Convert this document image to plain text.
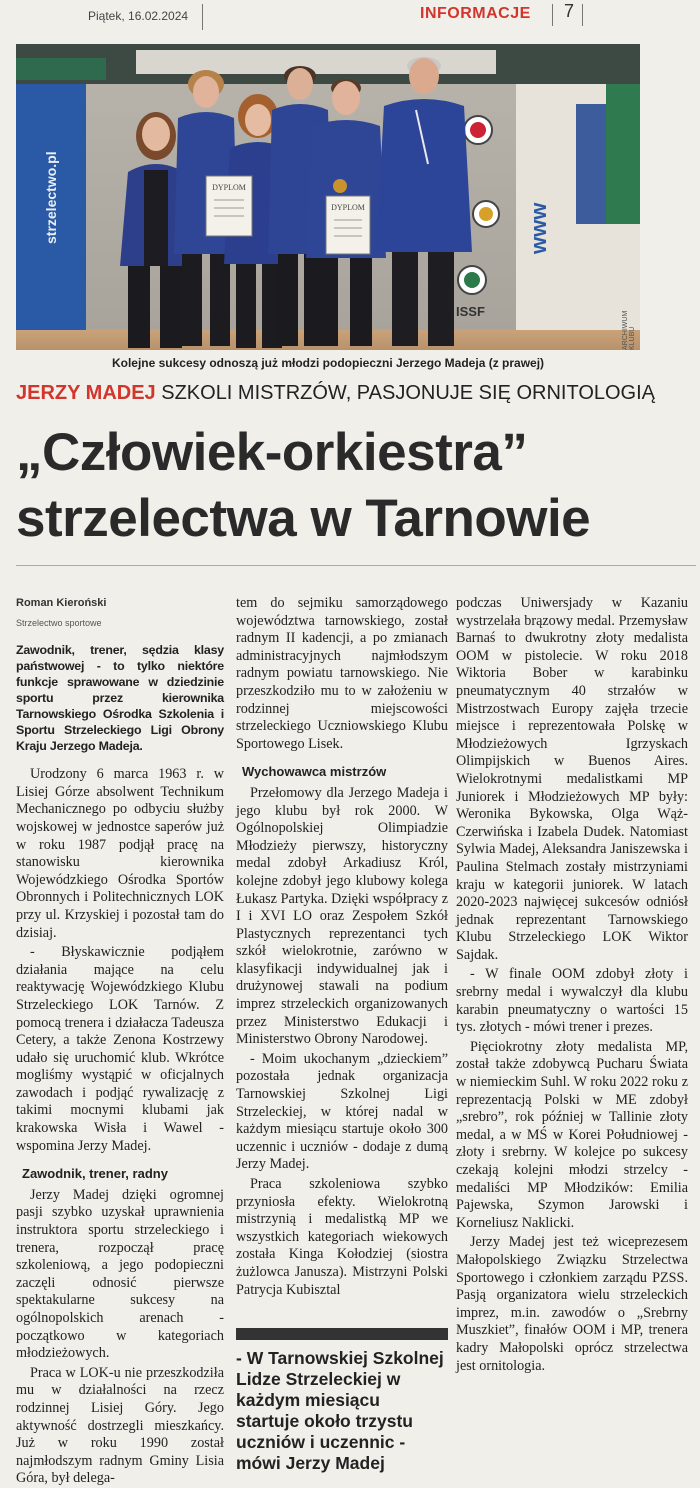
Piątek, 16.02.2024	INFORMACJE 7
strzelectwo.pl	www
ISSF
DYPLOM
DYPLOM
ARCHIWUM KLUBU
Kolejne sukcesy odnoszą już młodzi podopieczni Jerzego Madeja (z prawej)
JERZY MADEJ SZKOLI MISTRZÓW, PASJONUJE SIĘ ORNITOLOGIĄ
„Człowiek-orkiestra”
strzelectwa w Tarnowie

Roman Kieroński

Strzelectwo sportowe

Zawodnik, trener, sędzia klasy państwowej - to tylko niektóre funkcje sprawowane w dziedzinie sportu przez kierownika Tarnowskiego Ośrodka Szkolenia i Sportu Strzeleckiego Ligi Obrony Kraju Jerzego Madeja.

Urodzony 6 marca 1963 r. w Lisiej Górze absolwent Technikum Mechanicznego po odbyciu służby wojskowej w jednostce saperów już w roku 1987 podjął pracę na stanowisku kierownika Wojewódzkiego Ośrodka Sportów Obronnych i Politechnicznych LOK przy ul. Krzyskiej i pozostał tam do dzisiaj.

- Błyskawicznie podjąłem działania mające na celu reaktywację Wojewódzkiego Klubu Strzeleckiego LOK Tarnów. Z pomocą trenera i działacza Tadeusza Cetery, a także Zenona Kostrzewy udało się uruchomić klub. Wkrótce mogliśmy wystąpić w oficjalnych zawodach i podjąć rywalizację z takimi mocnymi klubami jak krakowska Wisła i Wawel - wspomina Jerzy Madej.

Zawodnik, trener, radny

Jerzy Madej dzięki ogromnej pasji szybko uzyskał uprawnienia instruktora sportu strzeleckiego i trenera, rozpoczął pracę szkoleniową, a jego podopieczni zaczęli odnosić pierwsze spektakularne sukcesy na ogólnopolskich arenach - początkowo w kategoriach młodzieżowych.

Praca w LOK-u nie przeszkodziła mu w działalności na rzecz rodzinnej Lisiej Góry. Jego aktywność dostrzegli mieszkańcy. Już w roku 1990 został najmłodszym radnym Gminy Lisia Góra, był delega-

tem do sejmiku samorządowego województwa tarnowskiego, został radnym II kadencji, a po zmianach administracyjnych najmłodszym radnym powiatu tarnowskiego. Nie przeszkodziło mu to w założeniu w rodzinnej miejscowości strzeleckiego Uczniowskiego Klubu Sportowego Lisek.

Wychowawca mistrzów

Przełomowy dla Jerzego Madeja i jego klubu był rok 2000. W Ogólnopolskiej Olimpiadzie Młodzieży pierwszy, historyczny medal zdobył Arkadiusz Król, kolejne zdobył jego klubowy kolega Łukasz Partyka. Dzięki współpracy z I i XVI LO oraz Zespołem Szkół Plastycznych reprezentanci tych szkół wielokrotnie, zarówno w klasyfikacji indywidualnej jak i drużynowej stawali na podium imprez strzeleckich organizowanych przez Ministerstwo Edukacji i Ministerstwo Obrony Narodowej.

- Moim ukochanym „dzieckiem” pozostała jednak organizacja Tarnowskiej Szkolnej Ligi Strzeleckiej, w której nadal w każdym miesiącu startuje około 300 uczennic i uczniów - dodaje z dumą Jerzy Madej.

Praca szkoleniowa szybko przyniosła efekty. Wielokrotną mistrzynią i medalistką MP we wszystkich kategoriach wiekowych została Kinga Kołodziej (siostra żużlowca Janusza). Mistrzyni Polski Patrycja Kubisztal

- W Tarnowskiej Szkolnej Lidze Strzeleckiej w każdym miesiącu startuje około trzystu uczniów i uczennic - mówi Jerzy Madej

podczas Uniwersjady w Kazaniu wystrzelała brązowy medal. Przemysław Barnaś to dwukrotny złoty medalista OOM w pistolecie. W roku 2018 Wiktoria Bober w karabinku pneumatycznym 40 strzałów w Mistrzostwach Europy zajęła trzecie miejsce i reprezentowała Polskę w Młodzieżowych Igrzyskach Olimpijskich w Buenos Aires. Wielokrotnymi medalistkami MP Juniorek i Młodzieżowych MP były: Weronika Bykowska, Olga Wąż-Czerwińska i Izabela Dudek. Natomiast Sylwia Madej, Aleksandra Janiszewska i Paulina Stelmach zostały mistrzyniami kraju w kategorii juniorek. W latach 2020-2023 najwięcej sukcesów odniósł jednak reprezentant Tarnowskiego Klubu Strzeleckiego LOK Wiktor Sajdak.

- W finale OOM zdobył złoty i srebrny medal i wywalczył dla klubu karabin pneumatyczny o wartości 15 tys. złotych - mówi trener i prezes.

Pięciokrotny złoty medalista MP, został także zdobywcą Pucharu Świata w niemieckim Suhl. W roku 2022 roku z reprezentacją Polski w ME zdobył „srebro”, rok później w Tallinie złoty medal, a w MŚ w Korei Południowej - złoty i srebrny. W kolejce po sukcesy czekają kolejni młodzi strzelcy - medaliści MP Młodzików: Emilia Pajewska, Szymon Jarowski i Korneliusz Naklicki.

Jerzy Madej jest też wiceprezesem Małopolskiego Związku Strzelectwa Sportowego i członkiem zarządu PZSS. Pasją organizatora wielu strzeleckich imprez, m.in. zawodów o „Srebrny Muszkiet”, finałów OOM i MP, trenera kadry Małopolski oprócz strzelectwa jest ornitologia.
